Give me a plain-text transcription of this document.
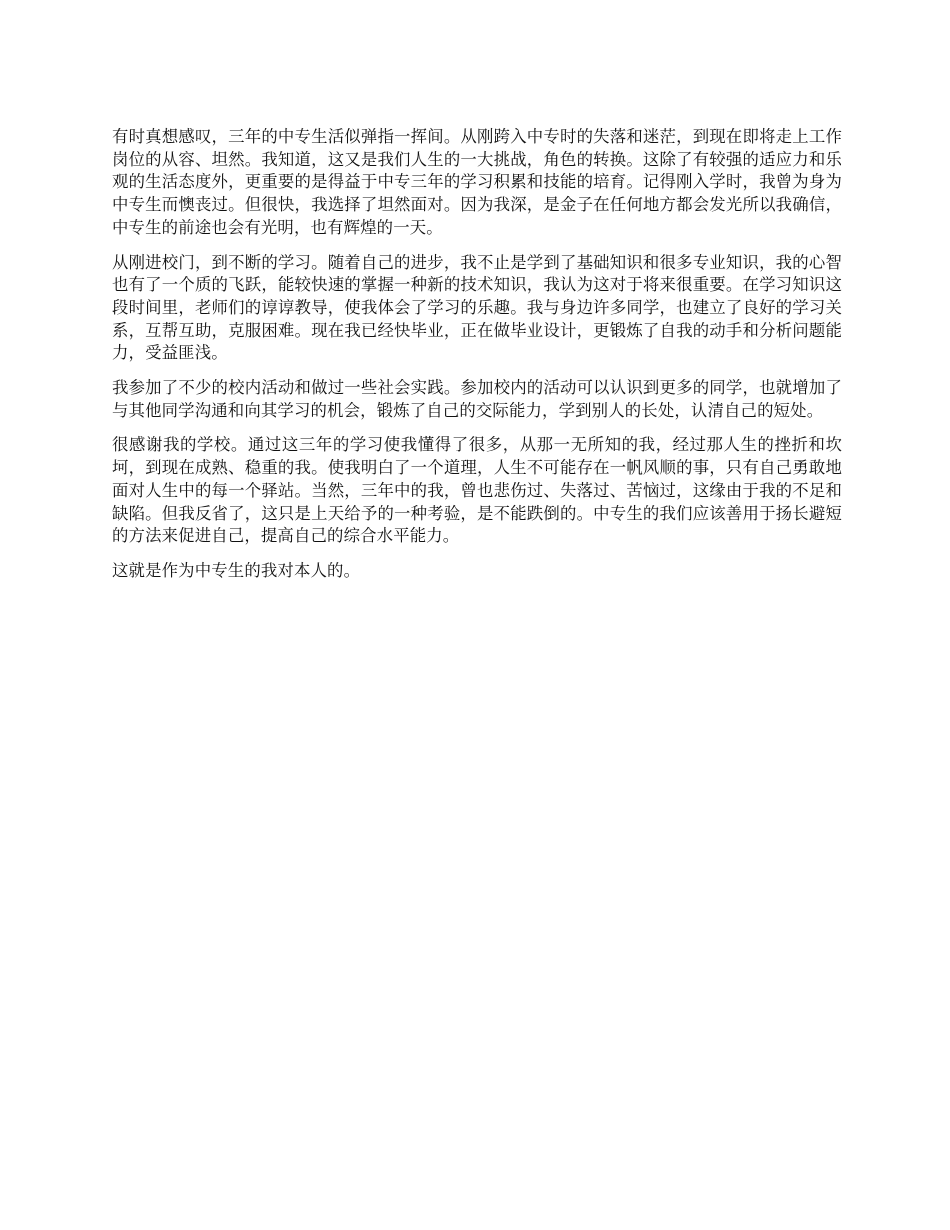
有时真想感叹，三年的中专生活似弹指一挥间。从刚跨入中专时的失落和迷茫，到现在即将走上工作岗位的从容、坦然。我知道，这又是我们人生的一大挑战，角色的转换。这除了有较强的适应力和乐观的生活态度外，更重要的是得益于中专三年的学习积累和技能的培育。记得刚入学时，我曾为身为中专生而懊丧过。但很快，我选择了坦然面对。因为我深，是金子在任何地方都会发光所以我确信，中专生的前途也会有光明，也有辉煌的一天。

从刚进校门，到不断的学习。随着自己的进步，我不止是学到了基础知识和很多专业知识，我的心智也有了一个质的飞跃，能较快速的掌握一种新的技术知识，我认为这对于将来很重要。在学习知识这段时间里，老师们的谆谆教导，使我体会了学习的乐趣。我与身边许多同学，也建立了良好的学习关系，互帮互助，克服困难。现在我已经快毕业，正在做毕业设计，更锻炼了自我的动手和分析问题能力，受益匪浅。

我参加了不少的校内活动和做过一些社会实践。参加校内的活动可以认识到更多的同学，也就增加了与其他同学沟通和向其学习的机会，锻炼了自己的交际能力，学到别人的长处，认清自己的短处。

很感谢我的学校。通过这三年的学习使我懂得了很多，从那一无所知的我，经过那人生的挫折和坎坷，到现在成熟、稳重的我。使我明白了一个道理，人生不可能存在一帆风顺的事，只有自己勇敢地面对人生中的每一个驿站。当然，三年中的我，曾也悲伤过、失落过、苦恼过，这缘由于我的不足和缺陷。但我反省了，这只是上天给予的一种考验，是不能跌倒的。中专生的我们应该善用于扬长避短的方法来促进自己，提高自己的综合水平能力。

这就是作为中专生的我对本人的。
